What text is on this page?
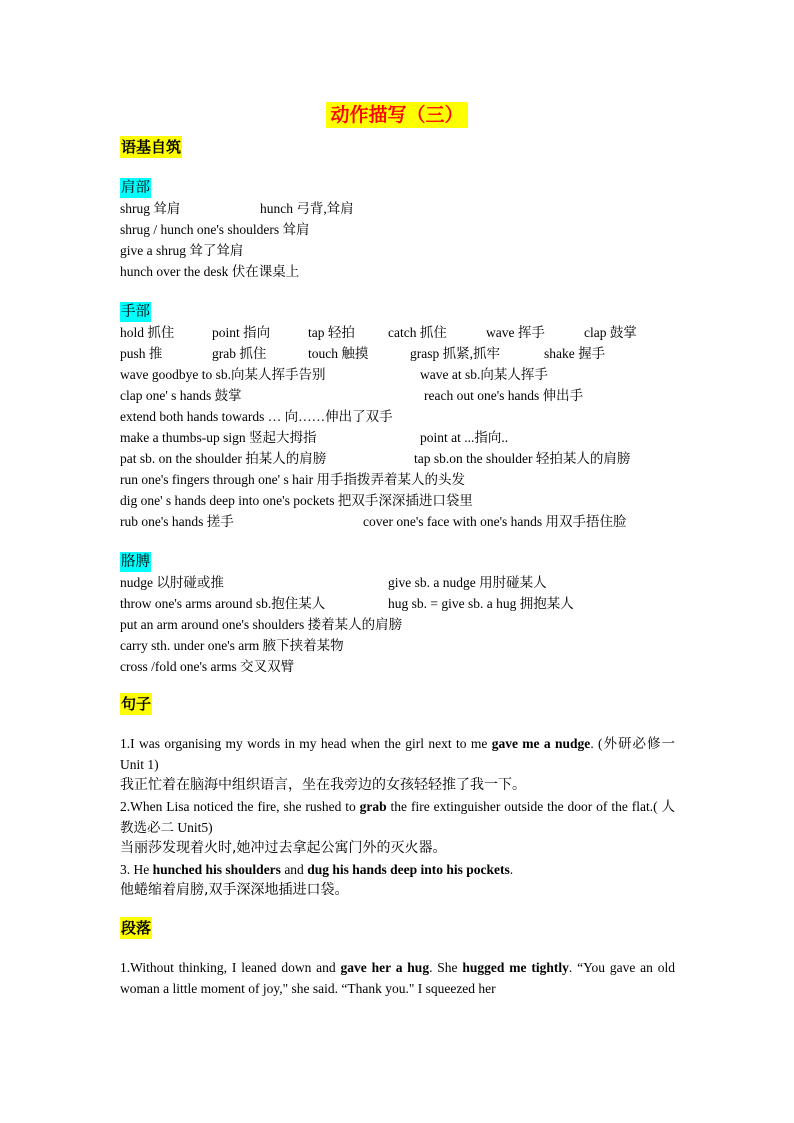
动作描写（三）
语基自筑
肩部
shrug 耸肩	hunch 弓背,耸肩
shrug / hunch one's shoulders 耸肩
give a shrug 耸了耸肩
hunch over the desk 伏在课桌上
手部
hold 抓住	point 指向	tap 轻拍 catch 抓住	wave 挥手	clap 鼓掌
push 推	grab 抓住	touch 触摸	grasp 抓紧,抓牢	shake 握手
wave goodbye to sb.向某人挥手告别	wave at sb.向某人挥手
clap one' s hands 鼓掌	reach out one's hands 伸出手
extend both hands towards … 向……伸出了双手
make a thumbs-up sign 竖起大拇指	point at ...指向..
pat sb. on the shoulder 拍某人的肩膀	tap sb.on the shoulder 轻拍某人的肩膀
run one's fingers through one' s hair 用手指拨弄着某人的头发
dig one' s hands deep into one's pockets 把双手深深插进口袋里
rub one's hands 搓手	cover one's face with one's hands 用双手捂住脸
胳膊
nudge 以肘碰或推	give sb. a nudge 用肘碰某人
throw one's arms around sb.抱住某人	hug sb. = give sb. a hug 拥抱某人
put an arm around one's shoulders 搂着某人的肩膀
carry sth. under one's arm 腋下挟着某物
cross /fold one's arms 交叉双臂
句子
1.I was organising my words in my head when the girl next to me gave me a nudge. (外研必修一 Unit 1)
我正忙着在脑海中组织语言，坐在我旁边的女孩轻轻推了我一下。
2.When Lisa noticed the fire, she rushed to grab the fire extinguisher outside the door of the flat.( 人教选必二 Unit5)
当丽莎发现着火时,她冲过去拿起公寓门外的灭火器。
3. He hunched his shoulders and dug his hands deep into his pockets.
他蜷缩着肩膀,双手深深地插进口袋。
段落
1.Without thinking, I leaned down and gave her a hug. She hugged me tightly. “You gave an old woman a little moment of joy," she said. “Thank you." I squeezed her
